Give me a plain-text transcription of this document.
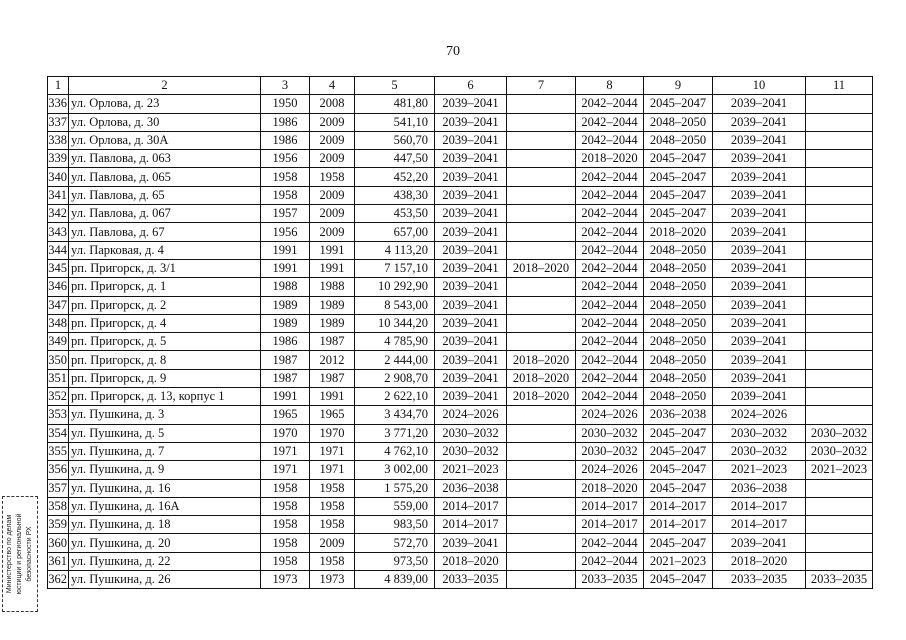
70
1	2	3	4	5	6	7	8	9	10	11
336	ул. Орлова, д. 23	1950	2008	481,80	2039–2041		2042–2044	2045–2047	2039–2041	
337	ул. Орлова, д. 30	1986	2009	541,10	2039–2041		2042–2044	2048–2050	2039–2041	
338	ул. Орлова, д. 30А	1986	2009	560,70	2039–2041		2042–2044	2048–2050	2039–2041	
339	ул. Павлова, д. 063	1956	2009	447,50	2039–2041		2018–2020	2045–2047	2039–2041	
340	ул. Павлова, д. 065	1958	1958	452,20	2039–2041		2042–2044	2045–2047	2039–2041	
341	ул. Павлова, д. 65	1958	2009	438,30	2039–2041		2042–2044	2045–2047	2039–2041	
342	ул. Павлова, д. 067	1957	2009	453,50	2039–2041		2042–2044	2045–2047	2039–2041	
343	ул. Павлова, д. 67	1956	2009	657,00	2039–2041		2042–2044	2018–2020	2039–2041	
344	ул. Парковая, д. 4	1991	1991	4 113,20	2039–2041		2042–2044	2048–2050	2039–2041	
345	рп. Пригорск, д. 3/1	1991	1991	7 157,10	2039–2041	2018–2020	2042–2044	2048–2050	2039–2041	
346	рп. Пригорск, д. 1	1988	1988	10 292,90	2039–2041		2042–2044	2048–2050	2039–2041	
347	рп. Пригорск, д. 2	1989	1989	8 543,00	2039–2041		2042–2044	2048–2050	2039–2041	
348	рп. Пригорск, д. 4	1989	1989	10 344,20	2039–2041		2042–2044	2048–2050	2039–2041	
349	рп. Пригорск, д. 5	1986	1987	4 785,90	2039–2041		2042–2044	2048–2050	2039–2041	
350	рп. Пригорск, д. 8	1987	2012	2 444,00	2039–2041	2018–2020	2042–2044	2048–2050	2039–2041	
351	рп. Пригорск, д. 9	1987	1987	2 908,70	2039–2041	2018–2020	2042–2044	2048–2050	2039–2041	
352	рп. Пригорск, д. 13, корпус 1	1991	1991	2 622,10	2039–2041	2018–2020	2042–2044	2048–2050	2039–2041	
353	ул. Пушкина, д. 3	1965	1965	3 434,70	2024–2026		2024–2026	2036–2038	2024–2026	
354	ул. Пушкина, д. 5	1970	1970	3 771,20	2030–2032		2030–2032	2045–2047	2030–2032	2030–2032
355	ул. Пушкина, д. 7	1971	1971	4 762,10	2030–2032		2030–2032	2045–2047	2030–2032	2030–2032
356	ул. Пушкина, д. 9	1971	1971	3 002,00	2021–2023		2024–2026	2045–2047	2021–2023	2021–2023
357	ул. Пушкина, д. 16	1958	1958	1 575,20	2036–2038		2018–2020	2045–2047	2036–2038	
358	ул. Пушкина, д. 16А	1958	1958	559,00	2014–2017		2014–2017	2014–2017	2014–2017	
359	ул. Пушкина, д. 18	1958	1958	983,50	2014–2017		2014–2017	2014–2017	2014–2017	
360	ул. Пушкина, д. 20	1958	2009	572,70	2039–2041		2042–2044	2045–2047	2039–2041	
361	ул. Пушкина, д. 22	1958	1958	973,50	2018–2020		2042–2044	2021–2023	2018–2020	
362	ул. Пушкина, д. 26	1973	1973	4 839,00	2033–2035		2033–2035	2045–2047	2033–2035	2033–2035
Министерство по делам юстиции и региональной безопасности РХ
